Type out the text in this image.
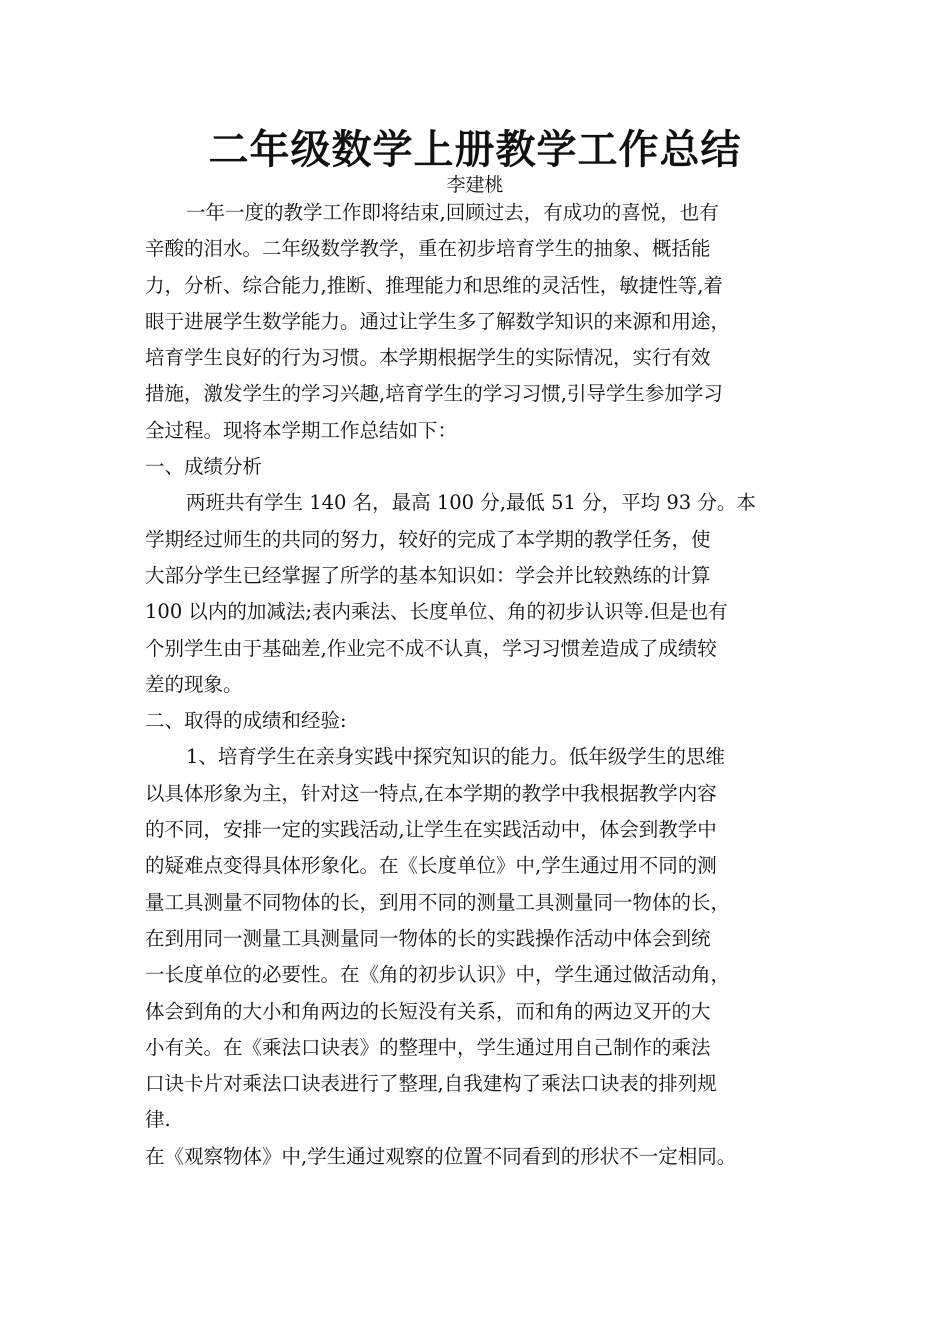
二年级数学上册教学工作总结
李建桃
一年一度的教学工作即将结束,回顾过去，有成功的喜悦，也有
辛酸的泪水。二年级数学教学，重在初步培育学生的抽象、概括能
力，分析、综合能力,推断、推理能力和思维的灵活性，敏捷性等,着
眼于进展学生数学能力。通过让学生多了解数学知识的来源和用途，
培育学生良好的行为习惯。本学期根据学生的实际情况，实行有效
措施，激发学生的学习兴趣,培育学生的学习习惯,引导学生参加学习
全过程。现将本学期工作总结如下：
一、成绩分析
两班共有学生 140 名，最高 100 分,最低 51 分，平均 93 分。本
学期经过师生的共同的努力，较好的完成了本学期的教学任务，使
大部分学生已经掌握了所学的基本知识如：学会并比较熟练的计算
100 以内的加减法;表内乘法、长度单位、角的初步认识等.但是也有
个别学生由于基础差,作业完不成不认真，学习习惯差造成了成绩较
差的现象。
二、取得的成绩和经验:
1、培育学生在亲身实践中探究知识的能力。低年级学生的思维
以具体形象为主，针对这一特点,在本学期的教学中我根据教学内容
的不同，安排一定的实践活动,让学生在实践活动中，体会到教学中
的疑难点变得具体形象化。在《长度单位》中,学生通过用不同的测
量工具测量不同物体的长，到用不同的测量工具测量同一物体的长，
在到用同一测量工具测量同一物体的长的实践操作活动中体会到统
一长度单位的必要性。在《角的初步认识》中，学生通过做活动角，
体会到角的大小和角两边的长短没有关系，而和角的两边叉开的大
小有关。在《乘法口诀表》的整理中，学生通过用自己制作的乘法
口诀卡片对乘法口诀表进行了整理,自我建构了乘法口诀表的排列规
律.
在《观察物体》中,学生通过观察的位置不同看到的形状不一定相同。
